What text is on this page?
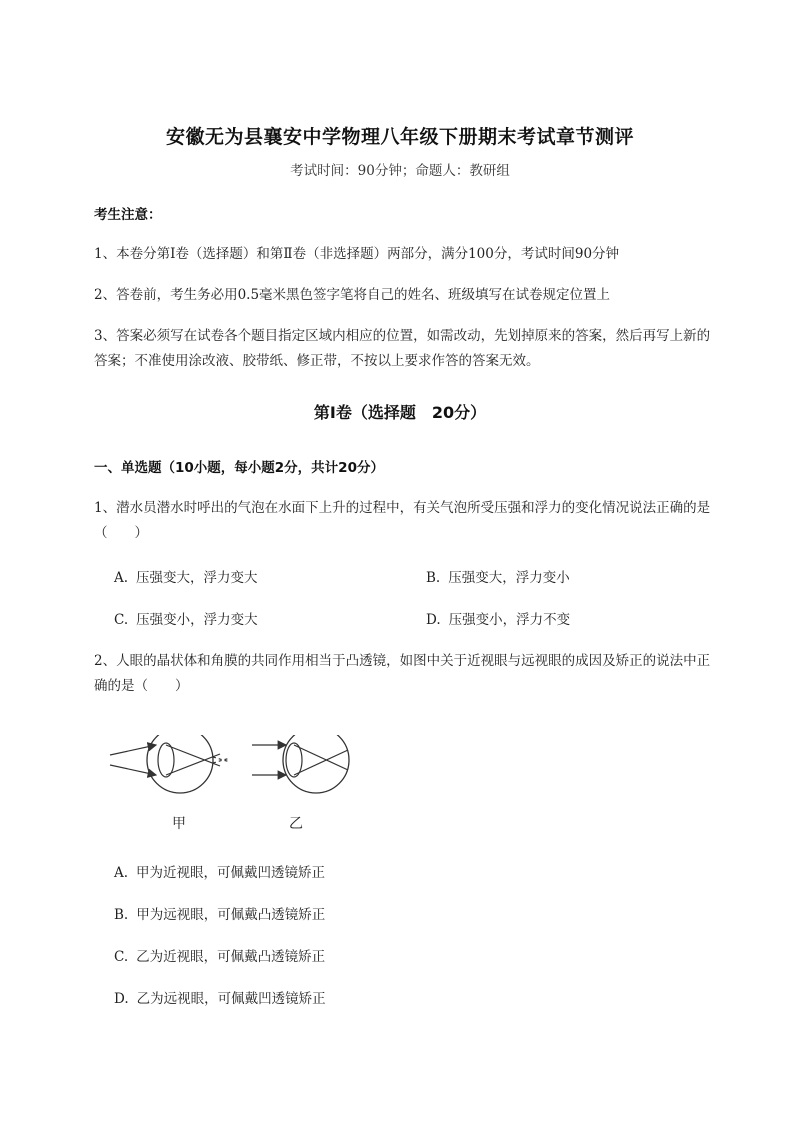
安徽无为县襄安中学物理八年级下册期末考试章节测评
考试时间：90分钟；命题人：教研组
考生注意：
1、本卷分第Ⅰ卷（选择题）和第Ⅱ卷（非选择题）两部分，满分100分，考试时间90分钟
2、答卷前，考生务必用0.5毫米黑色签字笔将自己的姓名、班级填写在试卷规定位置上
3、答案必须写在试卷各个题目指定区域内相应的位置，如需改动，先划掉原来的答案，然后再写上新的答案；不准使用涂改液、胶带纸、修正带，不按以上要求作答的答案无效。
第Ⅰ卷（选择题　20分）
一、单选题（10小题，每小题2分，共计20分）
1、潜水员潜水时呼出的气泡在水面下上升的过程中，有关气泡所受压强和浮力的变化情况说法正确的是（　　）
A. 压强变大，浮力变大	B. 压强变大，浮力变小
C. 压强变小，浮力变大	D. 压强变小，浮力不变
2、人眼的晶状体和角膜的共同作用相当于凸透镜，如图中关于近视眼与远视眼的成因及矫正的说法中正确的是（　　）
甲	乙
A. 甲为近视眼，可佩戴凹透镜矫正
B. 甲为远视眼，可佩戴凸透镜矫正
C. 乙为近视眼，可佩戴凸透镜矫正
D. 乙为远视眼，可佩戴凹透镜矫正
